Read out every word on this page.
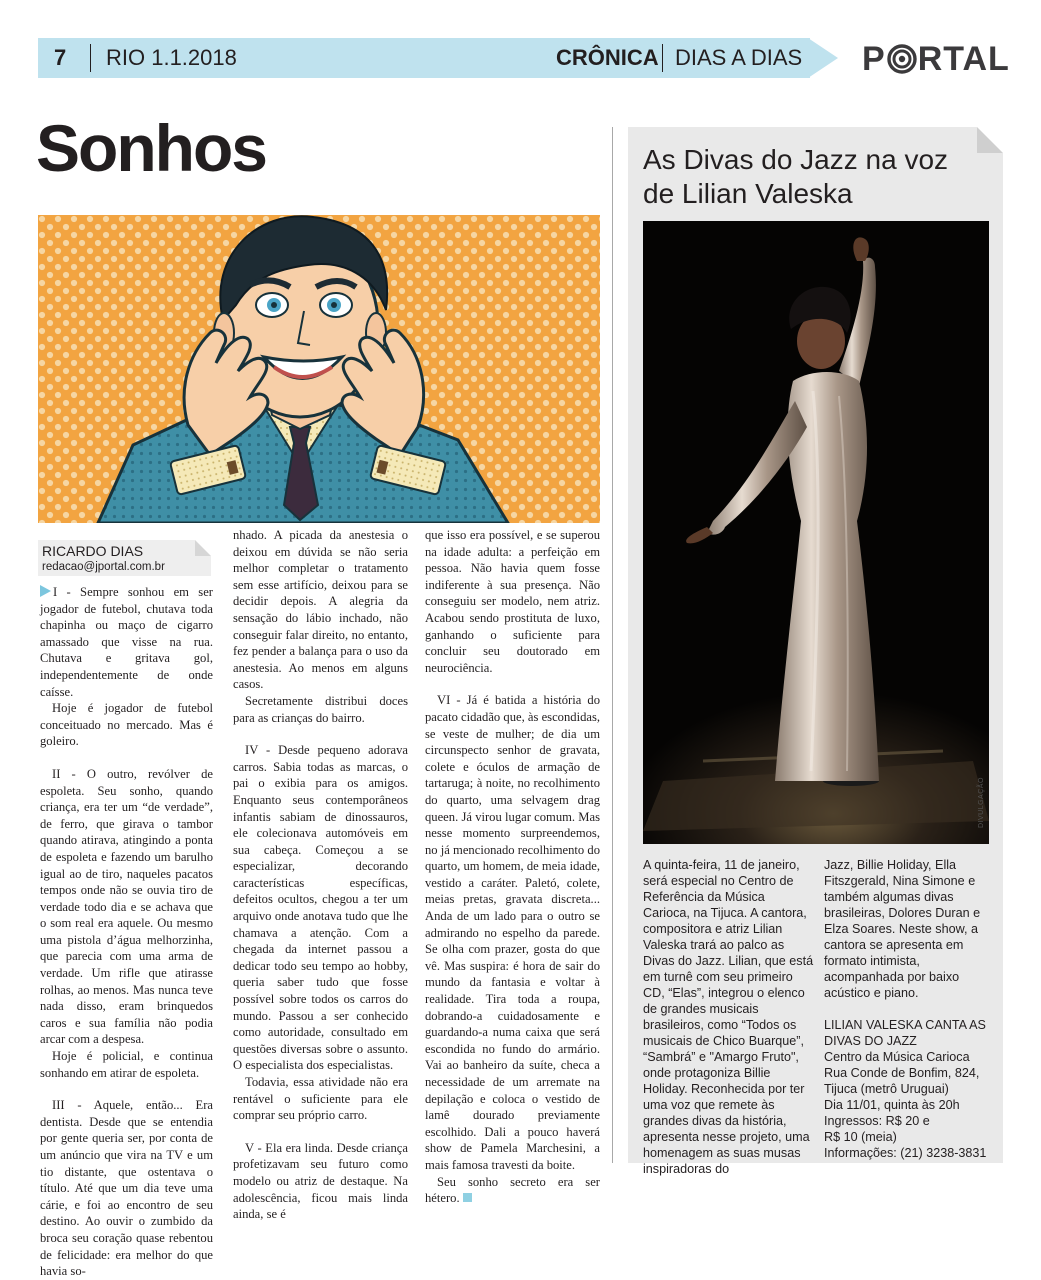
7 RIO 1.1.2018	CRÔNICA DIAS A DIAS P RTAL
Sonhos
RICARDO DIAS
redacao@jportal.com.br

I - Sempre sonhou em ser jogador de futebol, chutava toda chapinha ou maço de cigarro amassado que visse na rua. Chutava e gritava gol, independentemente de onde caísse.

Hoje é jogador de futebol conceituado no mercado. Mas é goleiro.

II - O outro, revólver de espoleta. Seu sonho, quando criança, era ter um “de verdade”, de ferro, que girava o tambor quando atirava, atingindo a ponta de espoleta e fazendo um barulho igual ao de tiro, naqueles pacatos tempos onde não se ouvia tiro de verdade todo dia e se achava que o som real era aquele. Ou mesmo uma pistola d’água melhorzinha, que parecia com uma arma de verdade. Um rifle que atirasse rolhas, ao menos. Mas nunca teve nada disso, eram brinquedos caros e sua família não podia arcar com a despesa.

Hoje é policial, e continua sonhando em atirar de espoleta.

III - Aquele, então... Era dentista. Desde que se entendia por gente queria ser, por conta de um anúncio que vira na TV e um tio distante, que ostentava o título. Até que um dia teve uma cárie, e foi ao encontro de seu destino. Ao ouvir o zumbido da broca seu coração quase rebentou de felicidade: era melhor do que havia so-

nhado. A picada da anestesia o deixou em dúvida se não seria melhor completar o tratamento sem esse artifício, deixou para se decidir depois. A alegria da sensação do lábio inchado, não conseguir falar direito, no entanto, fez pender a balança para o uso da anestesia. Ao menos em alguns casos.

Secretamente distribui doces para as crianças do bairro.

IV - Desde pequeno adorava carros. Sabia todas as marcas, o pai o exibia para os amigos. Enquanto seus contemporâneos infantis sabiam de dinossauros, ele colecionava automóveis em sua cabeça. Começou a se especializar, decorando características específicas, defeitos ocultos, chegou a ter um arquivo onde anotava tudo que lhe chamava a atenção. Com a chegada da internet passou a dedicar todo seu tempo ao hobby, queria saber tudo que fosse possível sobre todos os carros do mundo. Passou a ser conhecido como autoridade, consultado em questões diversas sobre o assunto. O especialista dos especialistas.

Todavia, essa atividade não era rentável o suficiente para ele comprar seu próprio carro.

V - Ela era linda. Desde criança profetizavam seu futuro como modelo ou atriz de destaque. Na adolescência, ficou mais linda ainda, se é

que isso era possível, e se superou na idade adulta: a perfeição em pessoa. Não havia quem fosse indiferente à sua presença. Não conseguiu ser modelo, nem atriz. Acabou sendo prostituta de luxo, ganhando o suficiente para concluir seu doutorado em neurociência.

VI - Já é batida a história do pacato cidadão que, às escondidas, se veste de mulher; de dia um circunspecto senhor de gravata, colete e óculos de armação de tartaruga; à noite, no recolhimento do quarto, uma selvagem drag queen. Já virou lugar comum. Mas nesse momento surpreendemos, no já mencionado recolhimento do quarto, um homem, de meia idade, vestido a caráter. Paletó, colete, meias pretas, gravata discreta... Anda de um lado para o outro se admirando no espelho da parede. Se olha com prazer, gosta do que vê. Mas suspira: é hora de sair do mundo da fantasia e voltar à realidade. Tira toda a roupa, dobrando-a cuidadosamente e guardando-a numa caixa que será escondida no fundo do armário. Vai ao banheiro da suíte, checa a necessidade de um arremate na depilação e coloca o vestido de lamê dourado previamente escolhido. Dali a pouco haverá show de Pamela Marchesini, a mais famosa travesti da boite.

Seu sonho secreto era ser hétero.

As Divas do Jazz na voz de Lilian Valeska
DIVULGAÇÃO

A quinta-feira, 11 de janeiro, será especial no Centro de Referência da Música Carioca, na Tijuca. A cantora, compositora e atriz Lilian Valeska trará ao palco as Divas do Jazz. Lilian, que está em turnê com seu primeiro CD, “Elas”, integrou o elenco de grandes musicais brasileiros, como “Todos os musicais de Chico Buarque”, “Sambrá” e "Amargo Fruto", onde protagoniza Billie Holiday. Reconhecida por ter uma voz que remete às grandes divas da história, apresenta nesse projeto, uma homenagem as suas musas inspiradoras do

Jazz, Billie Holiday, Ella Fitszgerald, Nina Simone e também algumas divas brasileiras, Dolores Duran e Elza Soares. Neste show, a cantora se apresenta em formato intimista, acompanhada por baixo acústico e piano.

LILIAN VALESKA CANTA AS DIVAS DO JAZZ

Centro da Música Carioca

Rua Conde de Bonfim, 824,

Tijuca (metrô Uruguai)

Dia 11/01, quinta às 20h

Ingressos: R$ 20 e

R$ 10 (meia)

Informações: (21) 3238-3831
